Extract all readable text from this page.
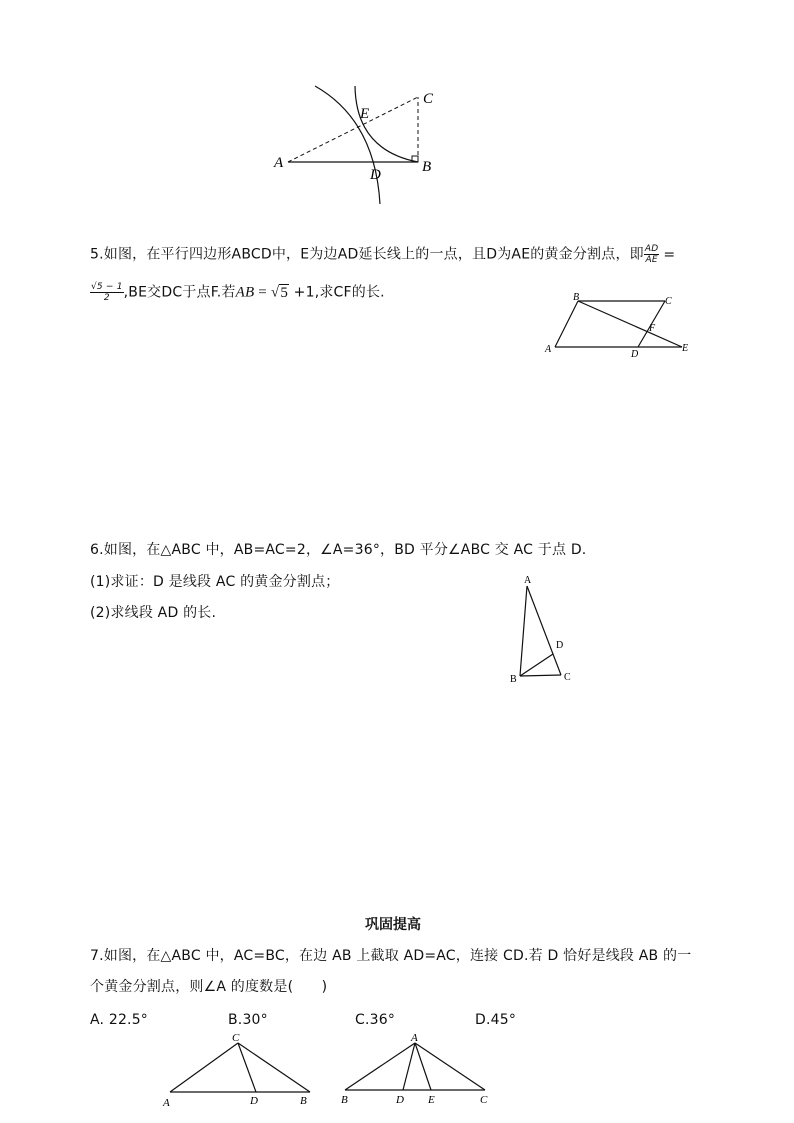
A	B
C
D
E
5.如图，在平行四边形ABCD中，E为边AD延长线上的一点，且D为AE的黄金分割点，即 $\frac{AD}{AE}$ =
$\frac{√5 - 1}{2} ,BE$交DC于点F.若AB = √5 +1,求CF的长.
A
B	C
D
E
F
6.如图，在△ABC 中，AB=AC=2，∠A=36°，BD 平分∠ABC 交 AC 于点 D.
(1)求证：D 是线段 AC 的黄金分割点；
(2)求线段 AD 的长.
A
B	C
D
巩固提高
7.如图，在△ABC 中，AC=BC，在边 AB 上截取 AD=AC，连接 CD.若 D 恰好是线段 AB 的一
个黄金分割点，则∠A 的度数是(　　)
A. 22.5°	B.30°	C.36°	D.45°
A	B
C
D
A
B	C
D E
